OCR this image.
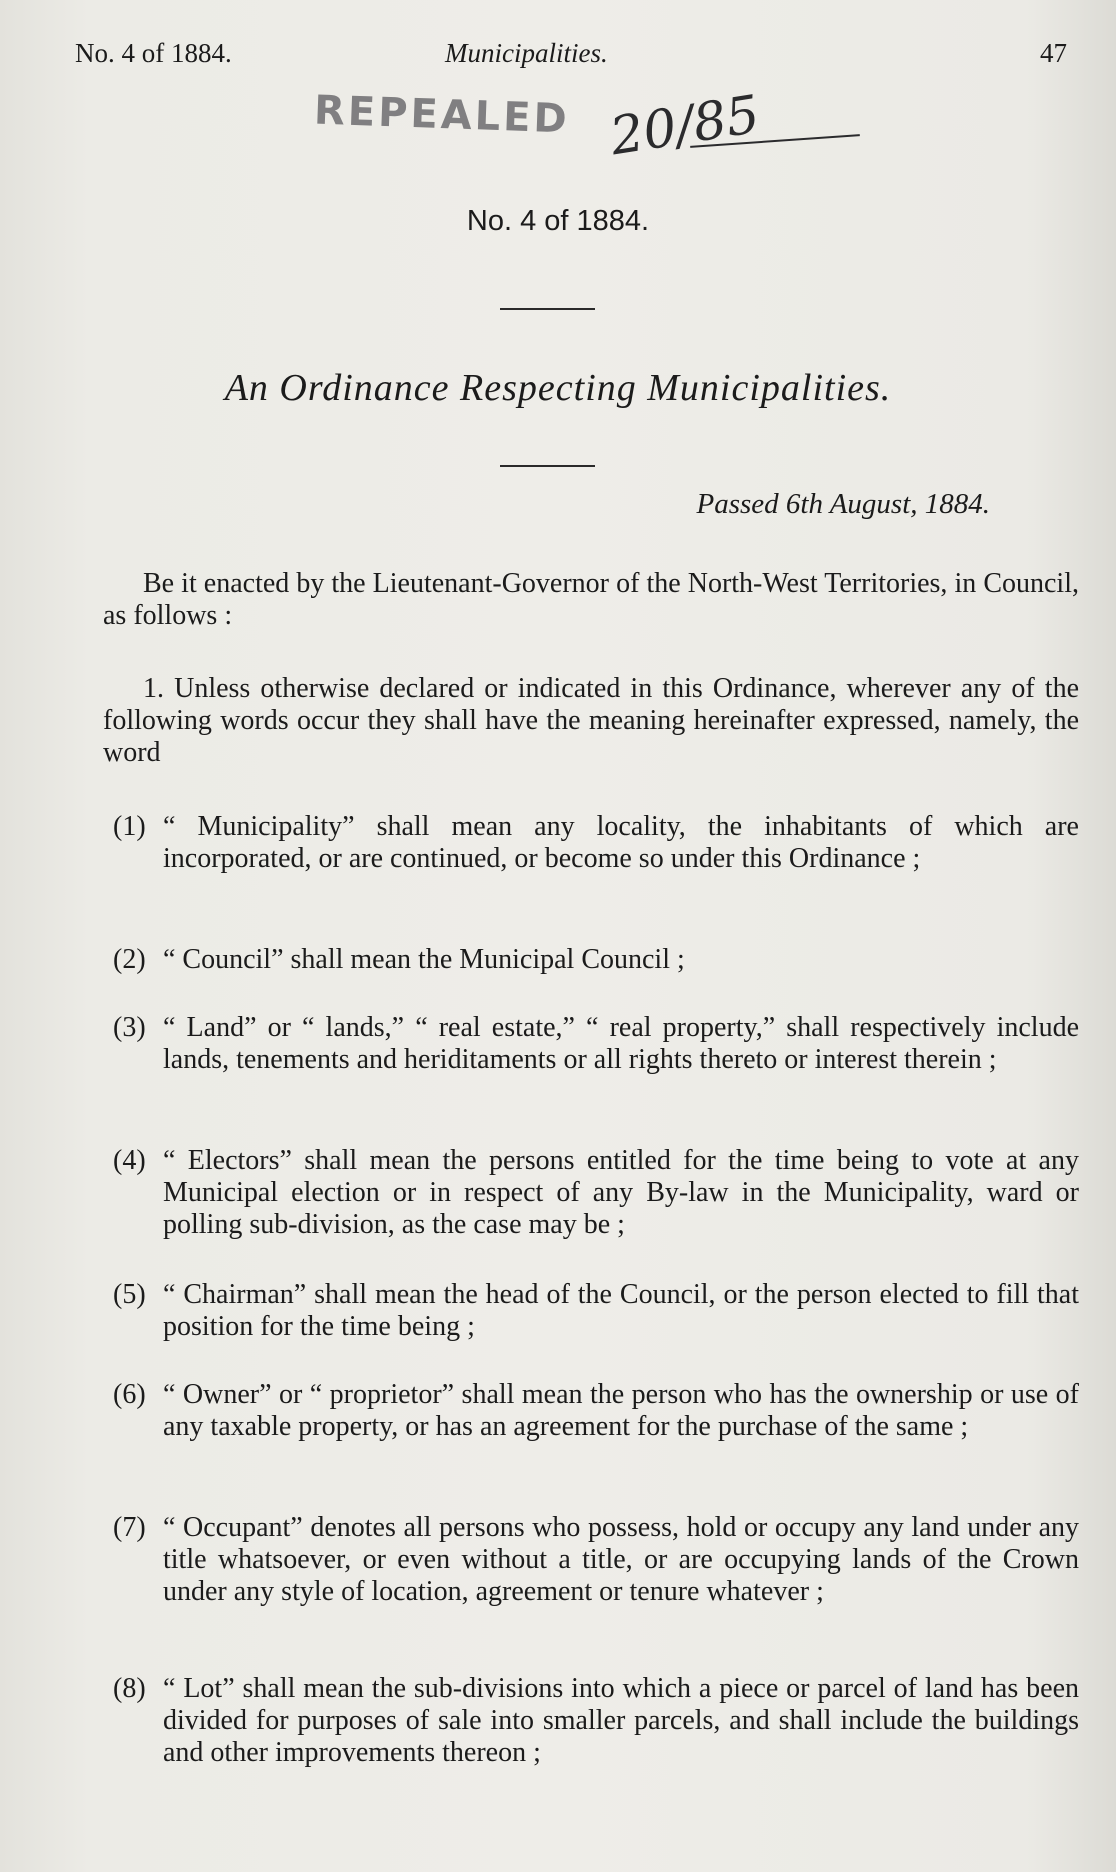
No. 4 of 1884.	Municipalities.	47
REPEALED 20/85
No. 4 of 1884.
An Ordinance Respecting Municipalities.
Passed 6th August, 1884.
Be it enacted by the Lieutenant-Governor of the North-West Territories, in Council, as follows :
1. Unless otherwise declared or indicated in this Ordinance, wherever any of the following words occur they shall have the meaning hereinafter expressed, namely, the word
(1) “ Municipality” shall mean any locality, the inhabitants of which are incorporated, or are continued, or become so under this Ordinance ;
(2) “ Council” shall mean the Municipal Council ;
(3) “ Land” or “ lands,” “ real estate,” “ real property,” shall respectively include lands, tenements and heriditaments or all rights thereto or interest therein ;
(4) “ Electors” shall mean the persons entitled for the time being to vote at any Municipal election or in respect of any By-law in the Municipality, ward or polling sub-division, as the case may be ;
(5) “ Chairman” shall mean the head of the Council, or the person elected to fill that position for the time being ;
(6) “ Owner” or “ proprietor” shall mean the person who has the ownership or use of any taxable property, or has an agreement for the purchase of the same ;
(7) “ Occupant” denotes all persons who possess, hold or occupy any land under any title whatsoever, or even without a title, or are occupying lands of the Crown under any style of location, agreement or tenure whatever ;
(8) “ Lot” shall mean the sub-divisions into which a piece or parcel of land has been divided for purposes of sale into smaller parcels, and shall include the buildings and other improvements thereon ;
